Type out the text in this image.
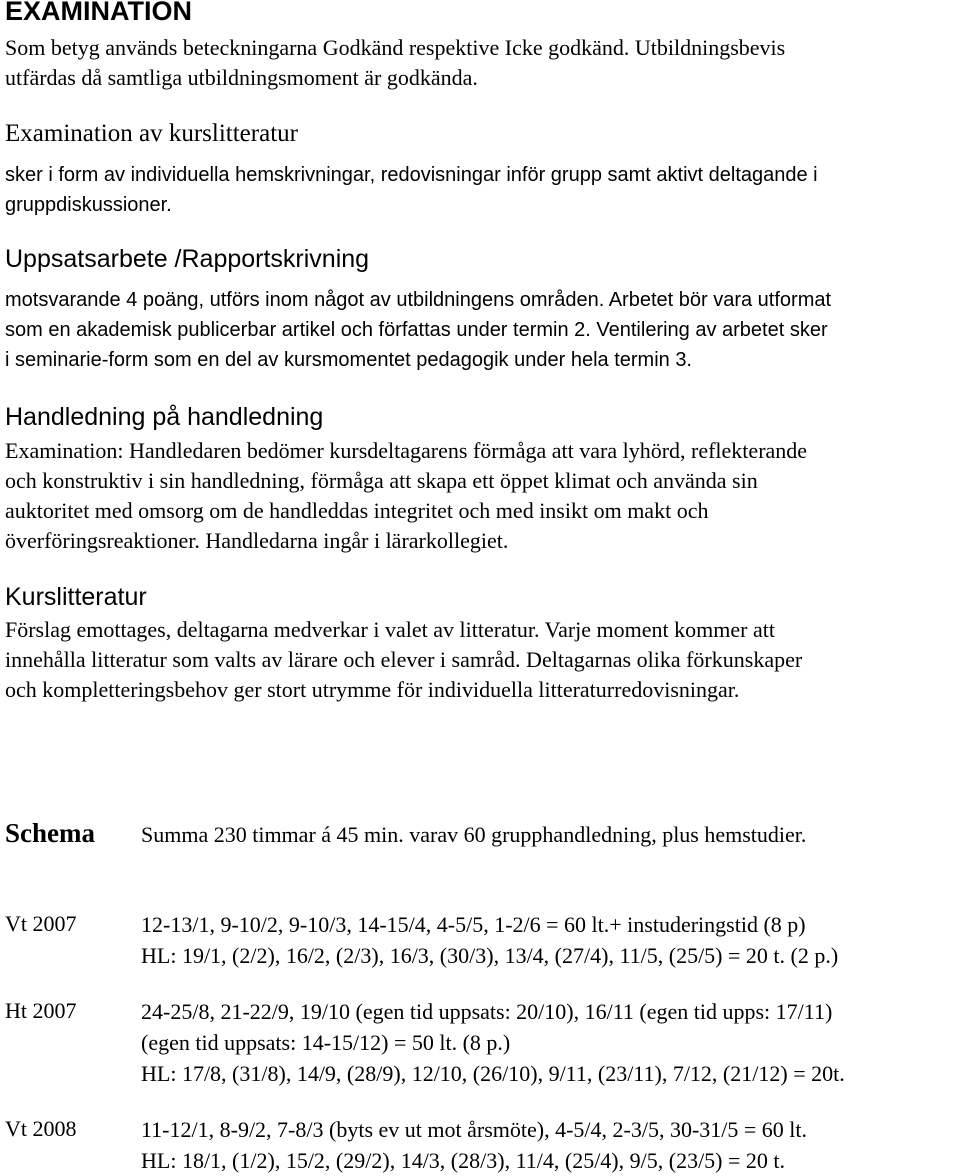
EXAMINATION
Som betyg används beteckningarna Godkänd respektive Icke godkänd. Utbildningsbevis
utfärdas då samtliga utbildningsmoment är godkända.
Examination av kurslitteratur
sker i form av individuella hemskrivningar, redovisningar inför grupp samt aktivt deltagande i
gruppdiskussioner.
Uppsatsarbete /Rapportskrivning
motsvarande 4 poäng, utförs inom något av utbildningens områden. Arbetet bör vara utformat
som en akademisk publicerbar artikel och författas under termin 2. Ventilering av arbetet sker
i seminarie-form som en del av kursmomentet pedagogik under hela termin 3.
Handledning på handledning
Examination: Handledaren bedömer kursdeltagarens förmåga att vara lyhörd, reflekterande
och konstruktiv i sin handledning, förmåga att skapa ett öppet klimat och använda sin
auktoritet med omsorg om de handleddas integritet och med insikt om makt och
överföringsreaktioner. Handledarna ingår i lärarkollegiet.
Kurslitteratur
Förslag emottages, deltagarna medverkar i valet av litteratur. Varje moment kommer att
innehålla litteratur som valts av lärare och elever i samråd. Deltagarnas olika förkunskaper
och kompletteringsbehov ger stort utrymme för individuella litteraturredovisningar.
Schema Summa 230 timmar á 45 min. varav 60 grupphandledning, plus hemstudier.
Vt 2007	12-13/1, 9-10/2, 9-10/3, 14-15/4, 4-5/5, 1-2/6 = 60 lt.+ instuderingstid (8 p)
HL: 19/1, (2/2), 16/2, (2/3), 16/3, (30/3), 13/4, (27/4), 11/5, (25/5) = 20 t. (2 p.)
Ht 2007	24-25/8, 21-22/9, 19/10 (egen tid uppsats: 20/10), 16/11 (egen tid upps: 17/11)
(egen tid uppsats: 14-15/12) = 50 lt. (8 p.)
HL: 17/8, (31/8), 14/9, (28/9), 12/10, (26/10), 9/11, (23/11), 7/12, (21/12) = 20t.
Vt 2008	11-12/1, 8-9/2, 7-8/3 (byts ev ut mot årsmöte), 4-5/4, 2-3/5, 30-31/5 = 60 lt.
HL: 18/1, (1/2), 15/2, (29/2), 14/3, (28/3), 11/4, (25/4), 9/5, (23/5) = 20 t.
